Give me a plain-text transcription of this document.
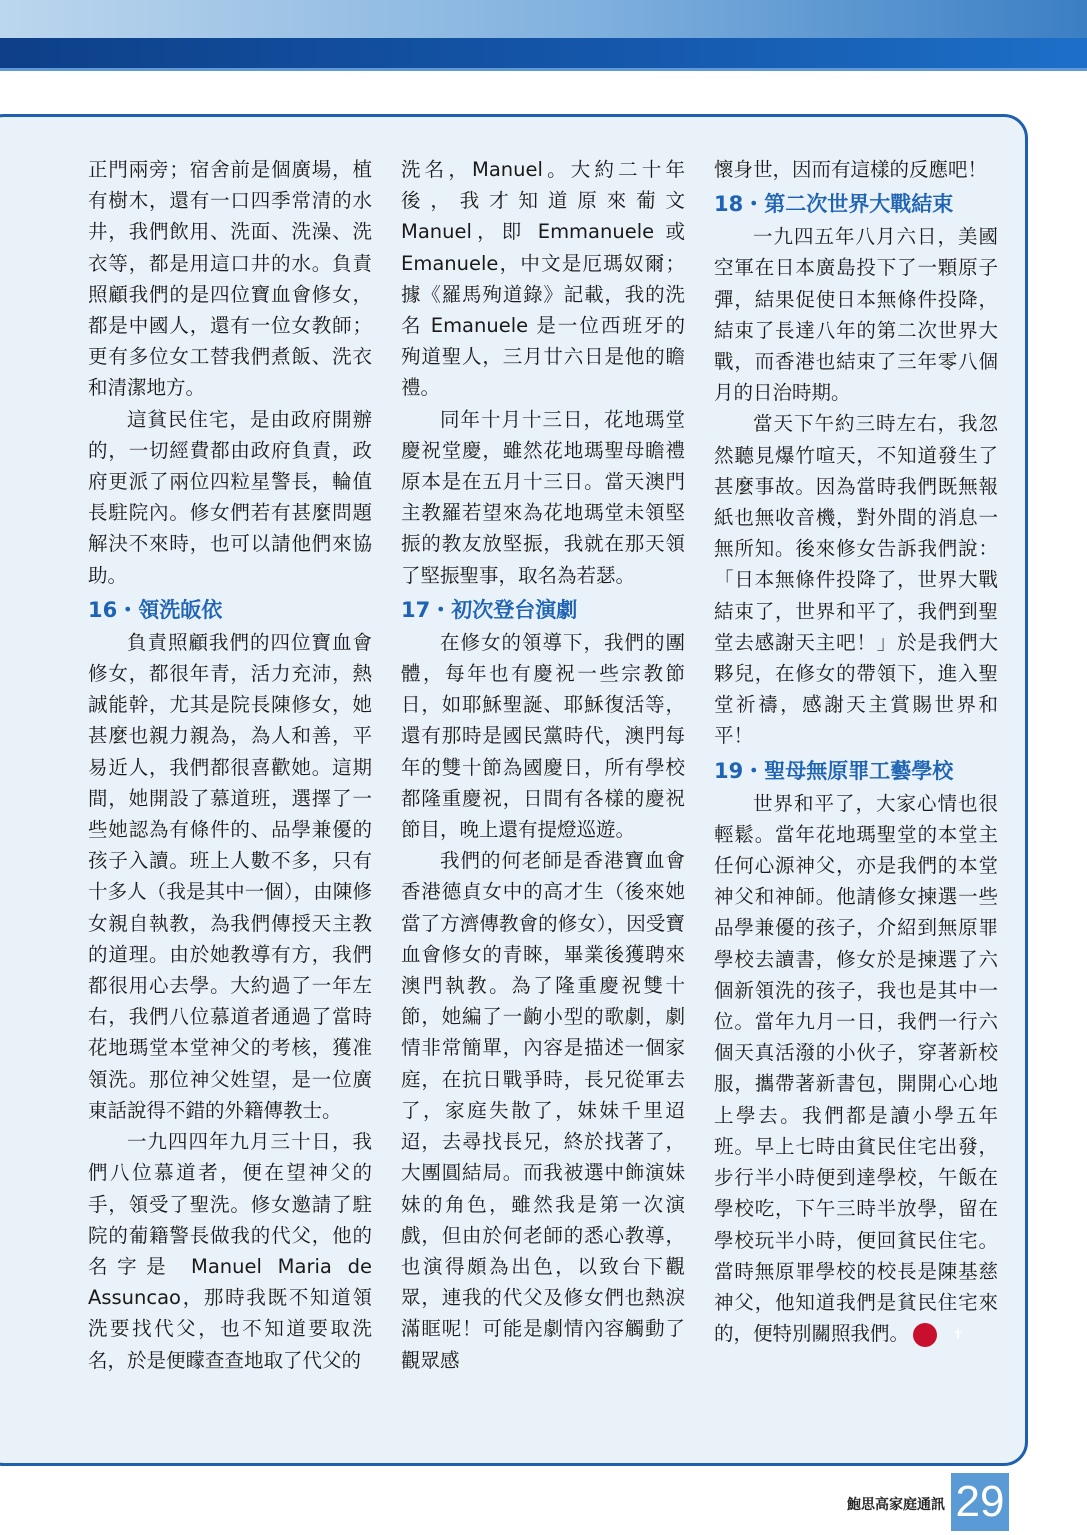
正門兩旁；宿舍前是個廣場，植有樹木，還有一口四季常清的水井，我們飲用、洗面、洗澡、洗衣等，都是用這口井的水。負責照顧我們的是四位寶血會修女，都是中國人，還有一位女教師；更有多位女工替我們煮飯、洗衣和清潔地方。

這貧民住宅，是由政府開辦的，一切經費都由政府負責，政府更派了兩位四粒星警長，輪值長駐院內。修女們若有甚麼問題解決不來時，也可以請他們來協助。

16・領洗皈依

負責照顧我們的四位寶血會修女，都很年青，活力充沛，熱誠能幹，尤其是院長陳修女，她甚麼也親力親為，為人和善，平易近人，我們都很喜歡她。這期間，她開設了慕道班，選擇了一些她認為有條件的、品學兼優的孩子入讀。班上人數不多，只有十多人（我是其中一個），由陳修女親自執教，為我們傳授天主教的道理。由於她教導有方，我們都很用心去學。大約過了一年左右，我們八位慕道者通過了當時花地瑪堂本堂神父的考核，獲准領洗。那位神父姓望，是一位廣東話說得不錯的外籍傳教士。

一九四四年九月三十日，我們八位慕道者，便在望神父的手，領受了聖洗。修女邀請了駐院的葡籍警長做我的代父，他的名字是 Manuel Maria de Assuncao，那時我既不知道領洗要找代父，也不知道要取洗名，於是便矇查查地取了代父的

洗名，Manuel。大約二十年後，我才知道原來葡文 Manuel，即 Emmanuele 或 Emanuele，中文是厄瑪奴爾；據《羅馬殉道錄》記載，我的洗名 Emanuele 是一位西班牙的殉道聖人，三月廿六日是他的瞻禮。

同年十月十三日，花地瑪堂慶祝堂慶，雖然花地瑪聖母瞻禮原本是在五月十三日。當天澳門主教羅若望來為花地瑪堂未領堅振的教友放堅振，我就在那天領了堅振聖事，取名為若瑟。

17・初次登台演劇

在修女的領導下，我們的團體，每年也有慶祝一些宗教節日，如耶穌聖誕、耶穌復活等，還有那時是國民黨時代，澳門每年的雙十節為國慶日，所有學校都隆重慶祝，日間有各樣的慶祝節目，晚上還有提燈巡遊。

我們的何老師是香港寶血會香港德貞女中的高才生（後來她當了方濟傳教會的修女），因受寶血會修女的青睞，畢業後獲聘來澳門執教。為了隆重慶祝雙十節，她編了一齣小型的歌劇，劇情非常簡單，內容是描述一個家庭，在抗日戰爭時，長兄從軍去了，家庭失散了，妹妹千里迢迢，去尋找長兄，終於找著了，大團圓結局。而我被選中飾演妹妹的角色，雖然我是第一次演戲，但由於何老師的悉心教導，也演得頗為出色，以致台下觀眾，連我的代父及修女們也熱淚滿眶呢！可能是劇情內容觸動了觀眾感

懷身世，因而有這樣的反應吧！

18・第二次世界大戰結束

一九四五年八月六日，美國空軍在日本廣島投下了一顆原子彈，結果促使日本無條件投降，結束了長達八年的第二次世界大戰，而香港也結束了三年零八個月的日治時期。

當天下午約三時左右，我忽然聽見爆竹喧天，不知道發生了甚麼事故。因為當時我們既無報紙也無收音機，對外間的消息一無所知。後來修女告訴我們說：「日本無條件投降了，世界大戰結束了，世界和平了，我們到聖堂去感謝天主吧！」於是我們大夥兒，在修女的帶領下，進入聖堂祈禱，感謝天主賞賜世界和平！

19・聖母無原罪工藝學校

世界和平了，大家心情也很輕鬆。當年花地瑪聖堂的本堂主任何心源神父，亦是我們的本堂神父和神師。他請修女揀選一些品學兼優的孩子，介紹到無原罪學校去讀書，修女於是揀選了六個新領洗的孩子，我也是其中一位。當年九月一日，我們一行六個天真活潑的小伙子，穿著新校服，攜帶著新書包，開開心心地上學去。我們都是讀小學五年班。早上七時由貧民住宅出發，步行半小時便到達學校，午飯在學校吃，下午三時半放學，留在學校玩半小時，便回貧民住宅。當時無原罪學校的校長是陳基慈神父，他知道我們是貧民住宅來的，便特別關照我們。	✝

鮑思高家庭通訊 29
